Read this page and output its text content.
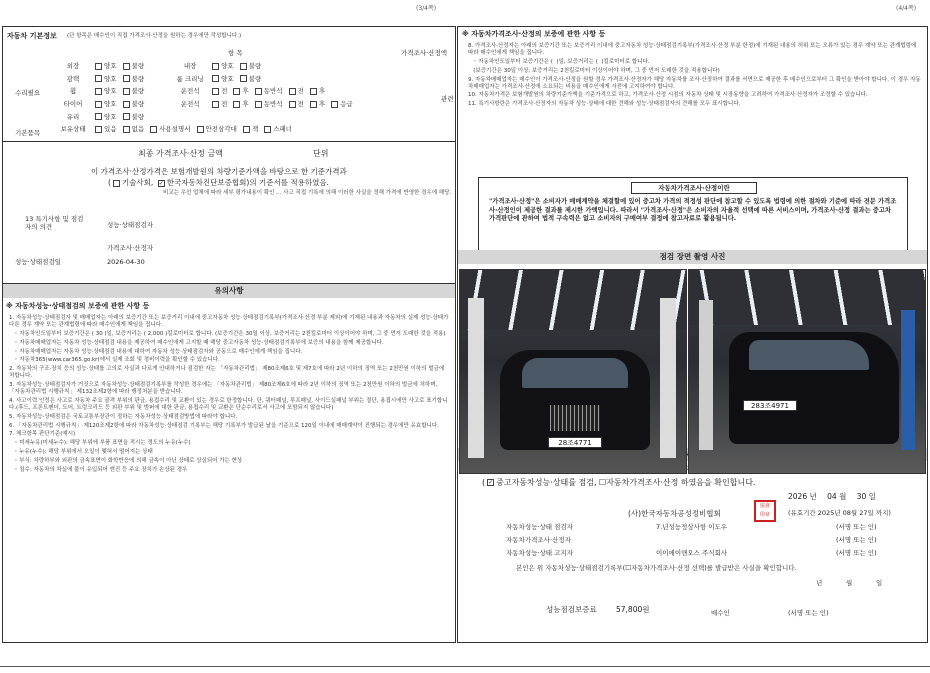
(3/4쪽)	(4/4쪽)
자동차 기본정보 (단 항목은 매수인이 직접 가격조사·산정을 원하는 경우에만 작성합니다.)
항 목	가격조사·산정액
수리필요
관련
기본품목
외장	양호 불량	내장	양호 불량
광택	양호 불량	룸 크리닝	양호 불량
휠	양호 불량	운전석	전 후 동반석 전 후
타이어	양호 불량	운전석	전 후 동반석 전 후 응급
유리	양호 불량
보유상태	있음 없음 사용설명서 안전삼각대 잭 스패너
최종 가격조사·산정 금액	단위
이 가격조사·산정가격은 보험개발원의 차량기준가액을 바탕으로 한 기준가격과
( 기술사회, ✓ 한국자동차진단보증협회)의 기준서를 적용하였음.
13 특기사항 및 점검자의 의견
비교는 우선 업체에 따라 세부 평가내용이 확인 ... 사고 직접 기록에 의해 이러한 사실을 정해 가격에 반영한 경우에 해당.
성능·상태점검자
가격조사·산정자
성능·상태점검일	2026-04-30
유의사항
※ 자동차성능·상태점검의 보증에 관한 사항 등
1. 자동차성능·상태점검자 및 매매업자는 아래의 보증기간 또는 보증거리 이내에 중고자동차 성능·상태점검기록부(가격조사·산정 부분 제외)에 기재된 내용과 자동차의 실제 성능·상태가 다른 경우 계약 또는 관계법령에 따라 매수인에게 책임을 집니다.
◦ 자동차인도일부터 보증기간은 ( 30 )일, 보증거리는 ( 2,000 )킬로미터로 합니다. (보증기간은 30일 이상, 보증거리는 2천킬로미터 이상이어야 하며, 그 중 먼저 도래한 것을 적용)
◦ 자동차매매업자는 자동차 성능·상태점검 내용을 제공하여 매수인에게 고지할 때 해당 중고자동차 성능·상태점검기록부에 보증의 내용을 함께 제공합니다.
◦ 자동차매매업자는 자동차 성능·상태점검 내용에 대하여 자동차 성능·상태점검자와 공동으로 매수인에게 책임을 집니다.
◦ 자동차365(www.car365.go.kr)에서 실제 조회 및 정비이력을 확인할 수 있습니다.
2. 자동차의 구조·장치 등의 성능·상태를 고의로 사실과 다르게 안내하거나 점검한 자는 「자동차관리법」 제80조제6호 및 제7호에 따라 2년 이하의 징역 또는 2천만원 이하의 벌금에 처합니다.
3. 자동차성능·상태점검자가 거짓으로 자동차성능·상태점검기록부를 작성한 경우에는 「자동차관리법」 제80조제6호에 따라 2년 이하의 징역 또는 2천만원 이하의 벌금에 처하며, 「자동차관리법 시행규칙」 제132조제2항에 따라 행정처분을 받습니다.
4. 사고이력 인정은 사고로 자동차 주요 골격 부위의 판금, 용접수리 및 교환이 있는 경우로 한정합니다. 단, 쿼터패널, 루프패널, 사이드실패널 부위는 절단, 용접시에만 사고로 표기합니다.(후드, 프론트펜더, 도어, 트렁크리드 등 외판 부위 및 범퍼에 대한 판금, 용접수리 및 교환은 단순수리로서 사고에 포함되지 않습니다)
5. 자동차성능·상태점검은 국토교통부장관이 정하는 자동차성능·상태점검방법에 따라야 합니다.
6. 「자동차관리법 시행규칙」 제120조제2항에 따라 자동차성능·상태점검 기록부는 해당 기록부가 발급된 날을 기준으로 120일 이내에 매매계약이 진행되는 경우에만 유효합니다.
7. 체크항목 판단기준(예시)
◦ 미세누유(미세누수): 해당 부위에 부품 표면을 적시는 정도의 누유(누수)
◦ 누유(누수): 해당 부위에서 오일이 맺혀서 떨어지는 상태
◦ 부식: 차량하부와 외판의 금속표면이 화학반응에 의해 금속이 아닌 상태로 상실되어 가는 현상
◦ 침수: 자동차의 차실에 물이 유입되어 엔진 등 주요 장치가 손상된 경우
※ 자동차가격조사·산정의 보증에 관한 사항 등
8. 가격조사·산정자는 아래의 보증기간 또는 보증거리 이내에 중고자동차 성능·상태점검기록부(가격조사·산정 부분 한정)에 기재된 내용의 허위 또는 오류가 있는 경우 계약 또는 관계법령에 따라 매수인에게 책임을 집니다.
◦ 자동차인도일부터 보증기간은 (  )일, 보증거리는 (  )킬로미터로 합니다.
(보증기간은 30일 이상, 보증거리는 2천킬로미터 이상이어야 하며, 그 중 먼저 도래한 것을 적용합니다)
9. 자동차매매업자는 매수인이 가격조사·산정을 원할 경우 가격조사·산정자가 해당 자동차를 조사·산정하여 결과를 서면으로 제공한 후 매수인으로부터 그 확인을 받아야 합니다. 이 경우 자동차매매업자는 가격조사·산정에 소요되는 비용을 매수인에게 사전에 고지하여야 합니다.
10. 자동차가격은 보험개발원의 차량기준가액을 기준가격으로 하고, 가격조사·산정 시점의 자동차 상태 및 시장동향을 고려하여 가격조사·산정자가 조정할 수 있습니다.
11. 특기사항란은 가격조사·산정자의 자동차 성능·상태에 대한 견해와 성능·상태점검자의 견해를 모두 표시합니다.
자동차가격조사·산정이란
"가격조사·산정"은 소비자가 매매계약을 체결할에 있어 중고차 가격의 적정성 판단에 참고할 수 있도록 법령에 의한 절차와 기준에 따라 전문 가격조사·산정인이 제공한 결과를 제시한 가액입니다. 따라서 "가격조사·산정"은 소비자의 자율적 선택에 따른 서비스이며, 가격조사·산정 결과는 중고차 가격판단에 관하여 법적 구속력은 없고 소비자의 구매여부 결정에 참고자료로 활용됩니다.
점검 장면 촬영 사진
( ✓ 중고자동차성능·상태를 점검, ☐자동차가격조사·산정 하였음을 확인합니다.
2026 년 04 월 30 일
(사)한국자동차공성정비협회
協會
印章	(유효기간 2025년 08월 27일 까지)
자동차성능·상태 점검자	7.년성능정상사항 이도우	(서명 또는 인)
자동차가격조사·산정자	(서명 또는 인)
자동차성능·상태 고지자	이이에이앤오스 주식회사	(서명 또는 인)
본인은 위 자동차성능·상태점검기록부(☐자동차가격조사·산정 선택)를 발급받은 사실을 확인합니다.
년	월	일
성능점검보증료	57,800원	매수인	(서명 또는 인)
28조4771
283조4971
